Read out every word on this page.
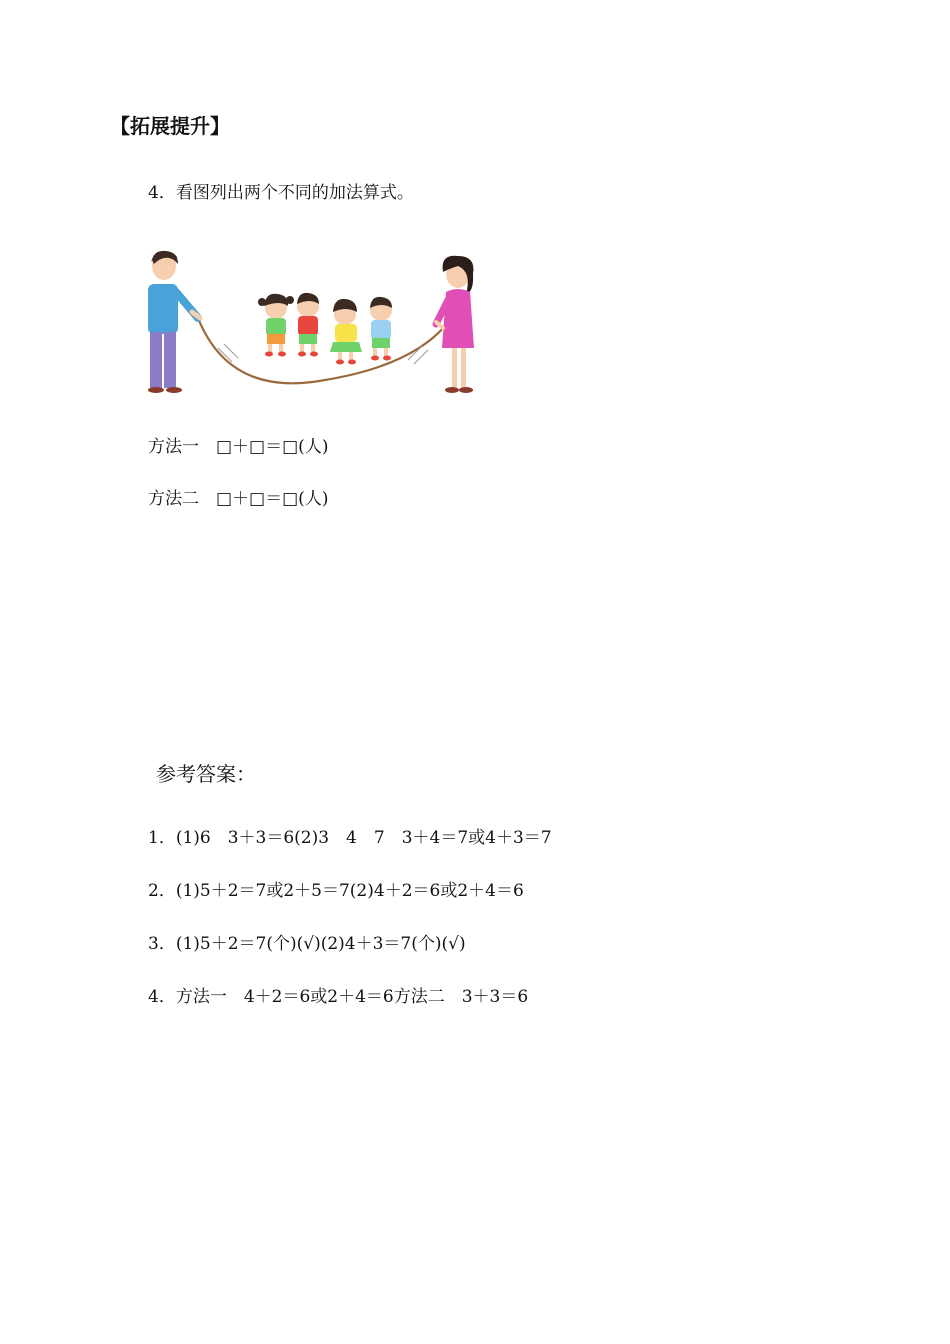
【拓展提升】
4．看图列出两个不同的加法算式。
方法一　□＋□＝□(人)
方法二　□＋□＝□(人)
参考答案：
1．(1)6　3＋3＝6(2)3　4　7　3＋4＝7或4＋3＝7
2．(1)5＋2＝7或2＋5＝7(2)4＋2＝6或2＋4＝6
3．(1)5＋2＝7(个)(√)(2)4＋3＝7(个)(√)
4．方法一　4＋2＝6或2＋4＝6方法二　3＋3＝6
